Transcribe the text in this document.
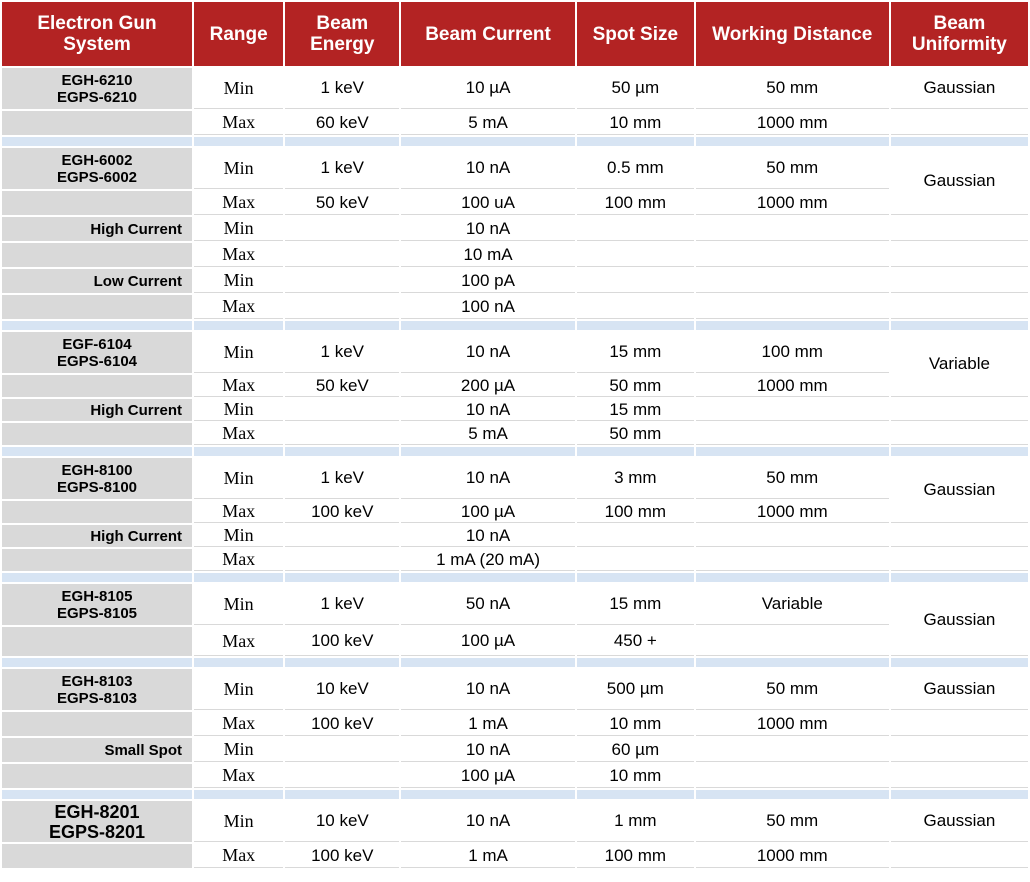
Electron Gun System	Range	Beam Energy	Beam Current	Spot Size	Working Distance	Beam Uniformity
EGH-6210
EGPS-6210	Min	1 keV	10 µA	50 µm	50 mm	Gaussian
	Max	60 keV	5 mA	10 mm	1000 mm	

EGH-6002
EGPS-6002	Min	1 keV	10 nA	0.5 mm	50 mm	Gaussian
	Max	50 keV	100 uA	100 mm	1000 mm	
High Current	Min		10 nA			
	Max		10 mA			
Low Current	Min		100 pA			
	Max		100 nA			

EGF-6104
EGPS-6104	Min	1 keV	10 nA	15 mm	100 mm	Variable
	Max	50 keV	200 µA	50 mm	1000 mm	
High Current	Min		10 nA	15 mm		
	Max		5 mA	50 mm		

EGH-8100
EGPS-8100	Min	1 keV	10 nA	3 mm	50 mm	Gaussian
	Max	100 keV	100 µA	100 mm	1000 mm	
High Current	Min		10 nA			
	Max		1 mA (20 mA)			

EGH-8105
EGPS-8105	Min	1 keV	50 nA	15 mm	Variable	Gaussian
	Max	100 keV	100 µA	450 +		

EGH-8103
EGPS-8103	Min	10 keV	10 nA	500 µm	50 mm	Gaussian
	Max	100 keV	1 mA	10 mm	1000 mm	
Small Spot	Min		10 nA	60 µm		
	Max		100 µA	10 mm		

EGH-8201
EGPS-8201	Min	10 keV	10 nA	1 mm	50 mm	Gaussian
	Max	100 keV	1 mA	100 mm	1000 mm	
